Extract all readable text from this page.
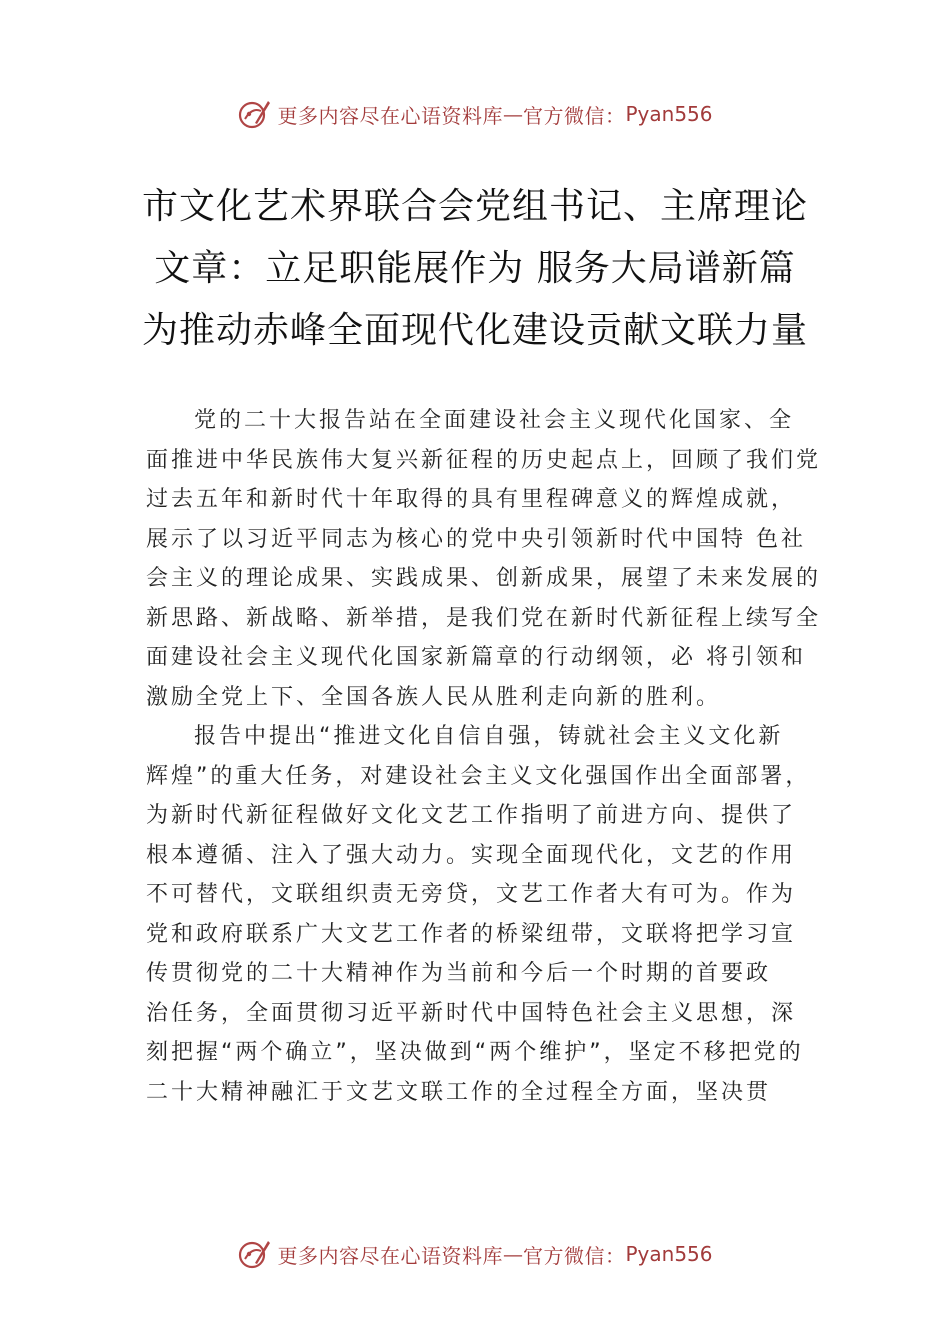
更多内容尽在心语资料库 — 官方微信： Pyan556
市文化艺术界联合会党组书记、主席理论
文章：立足职能展作为 服务大局谱新篇
为推动赤峰全面现代化建设贡献文联力量
党的二十大报告站在全面建设社会主义现代化国家、全
面推进中华民族伟大复兴新征程的历史起点上，回顾了我们党
过去五年和新时代十年取得的具有里程碑意义的辉煌成就，
展示了以习近平同志为核心的党中央引领新时代中国特 色社
会主义的理论成果、实践成果、创新成果，展望了未来发展的
新思路、新战略、新举措，是我们党在新时代新征程上续写全
面建设社会主义现代化国家新篇章的行动纲领，必 将引领和
激励全党上下、全国各族人民从胜利走向新的胜利。
报告中提出“推进文化自信自强，铸就社会主义文化新
辉煌”的重大任务，对建设社会主义文化强国作出全面部署，
为新时代新征程做好文化文艺工作指明了前进方向、提供了
根本遵循、注入了强大动力。实现全面现代化，文艺的作用
不可替代，文联组织责无旁贷，文艺工作者大有可为。作为
党和政府联系广大文艺工作者的桥梁纽带，文联将把学习宣
传贯彻党的二十大精神作为当前和今后一个时期的首要政
治任务，全面贯彻习近平新时代中国特色社会主义思想，深
刻把握“两个确立”，坚决做到“两个维护”，坚定不移把党的
二十大精神融汇于文艺文联工作的全过程全方面，坚决贯
更多内容尽在心语资料库 — 官方微信： Pyan556
